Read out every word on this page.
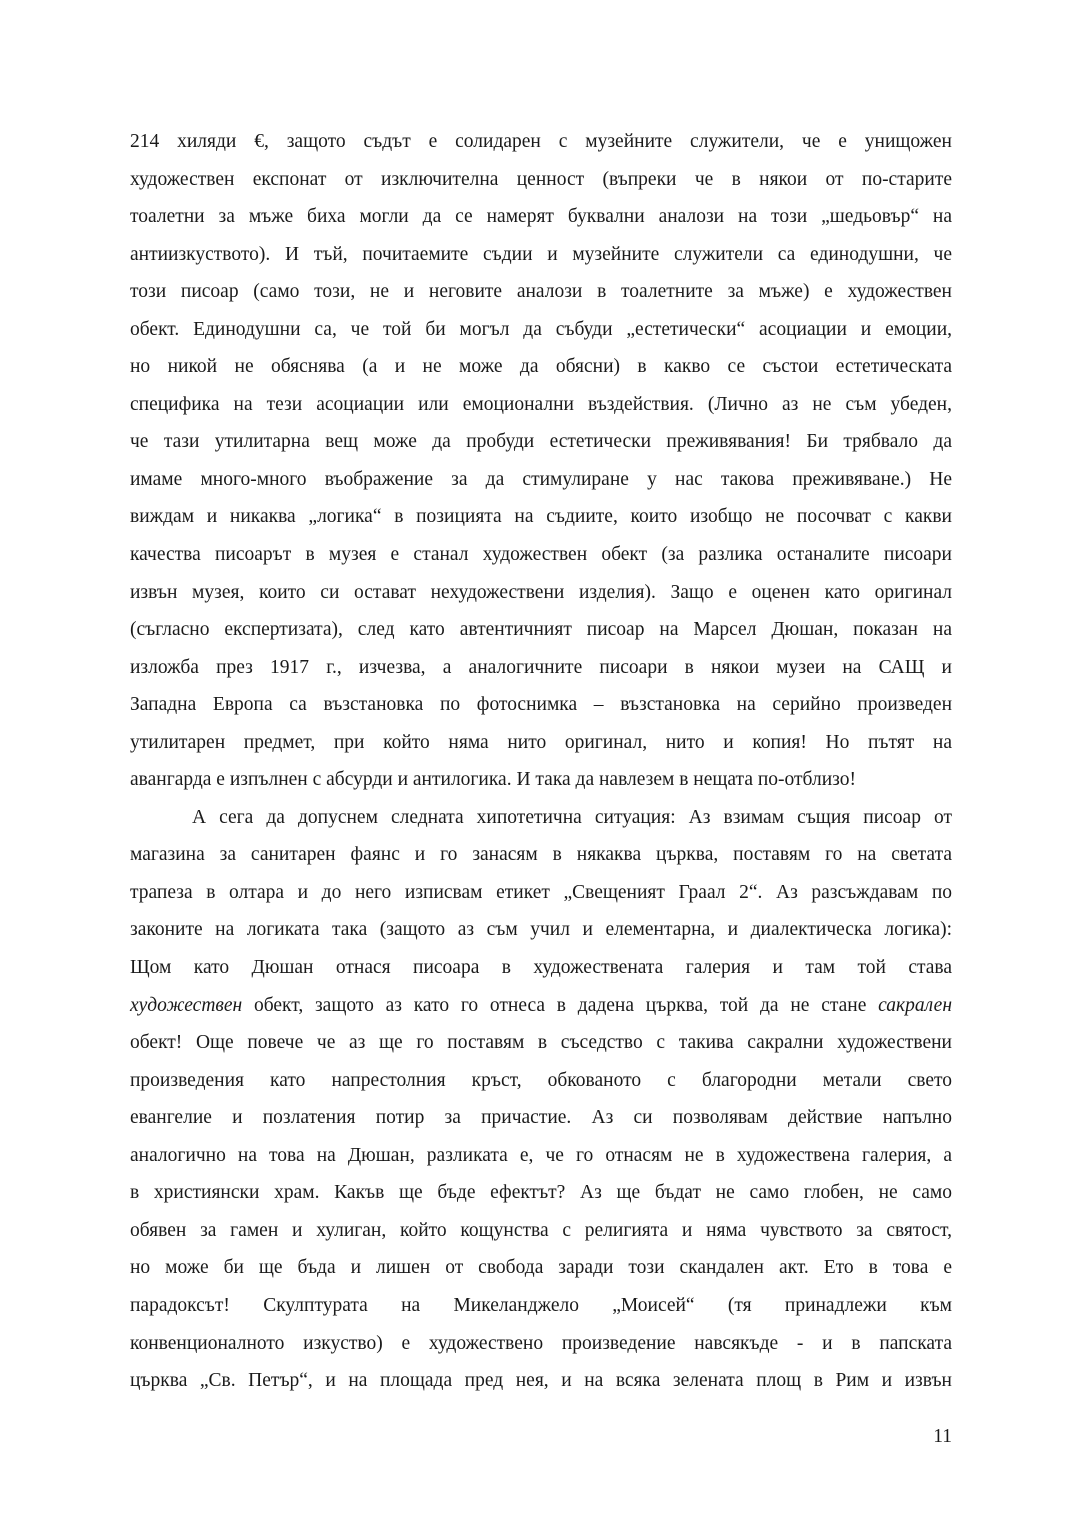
214 хиляди €, защото съдът е солидарен с музейните служители, че е унищожен
художествен експонат от изключителна ценност (въпреки че в някои от по-старите
тоалетни за мъже биха могли да се намерят буквални аналози на този „шедьовър“ на
антиизкуството). И тъй, почитаемите съдии и музейните служители са единодушни, че
този писоар (само този, не и неговите аналози в тоалетните за мъже) е художествен
обект. Единодушни са, че той би могъл да събуди „естетически“ асоциации и емоции,
но никой не обяснява (а и не може да обясни) в какво се състои естетическата
специфика на тези асоциации или емоционални въздействия. (Лично аз не съм убеден,
че тази утилитарна вещ може да пробуди естетически преживявания! Би трябвало да
имаме много-много въображение за да стимулиране у нас такова преживяване.) Не
виждам и никаква „логика“ в позицията на съдиите, които изобщо не посочват с какви
качества писоарът в музея е станал художествен обект (за разлика останалите писоари
извън музея, които си остават нехудожествени изделия). Защо е оценен като оригинал
(съгласно експертизата), след като автентичният писоар на Марсел Дюшан, показан на
изложба през 1917 г., изчезва, а аналогичните писоари в някои музеи на САЩ и
Западна Европа са възстановка по фотоснимка – възстановка на серийно произведен
утилитарен предмет, при който няма нито оригинал, нито и копия! Но пътят на
авангарда е изпълнен с абсурди и антилогика. И така да навлезем в нещата по-отблизо!
А сега да допуснем следната хипотетична ситуация: Аз взимам същия писоар от
магазина за санитарен фаянс и го занасям в някаква църква, поставям го на светата
трапеза в олтара и до него изписвам етикет „Свещеният Граал 2“. Аз разсъждавам по
законите на логиката така (защото аз съм учил и елементарна, и диалектическа логика):
Щом като Дюшан отнася писоара в художествената галерия и там той става
художествен обект, защото аз като го отнеса в дадена църква, той да не стане сакрален
обект! Още повече че аз ще го поставям в съседство с такива сакрални художествени
произведения като напрестолния кръст, обкованото с благородни метали свето
евангелие и позлатения потир за причастие. Аз си позволявам действие напълно
аналогично на това на Дюшан, разликата е, че го отнасям не в художествена галерия, а
в християнски храм. Какъв ще бъде ефектът? Аз ще бъдат не само глобен, не само
обявен за гамен и хулиган, който кощунства с религията и няма чувството за святост,
но може би ще бъда и лишен от свобода заради този скандален акт. Ето в това е
парадоксът! Скулптурата на Микеланджело „Моисей“ (тя принадлежи към
конвенционалното изкуство) е художествено произведение навсякъде - и в папската
църква „Св. Петър“, и на площада пред нея, и на всяка зелената площ в Рим и извън
11
